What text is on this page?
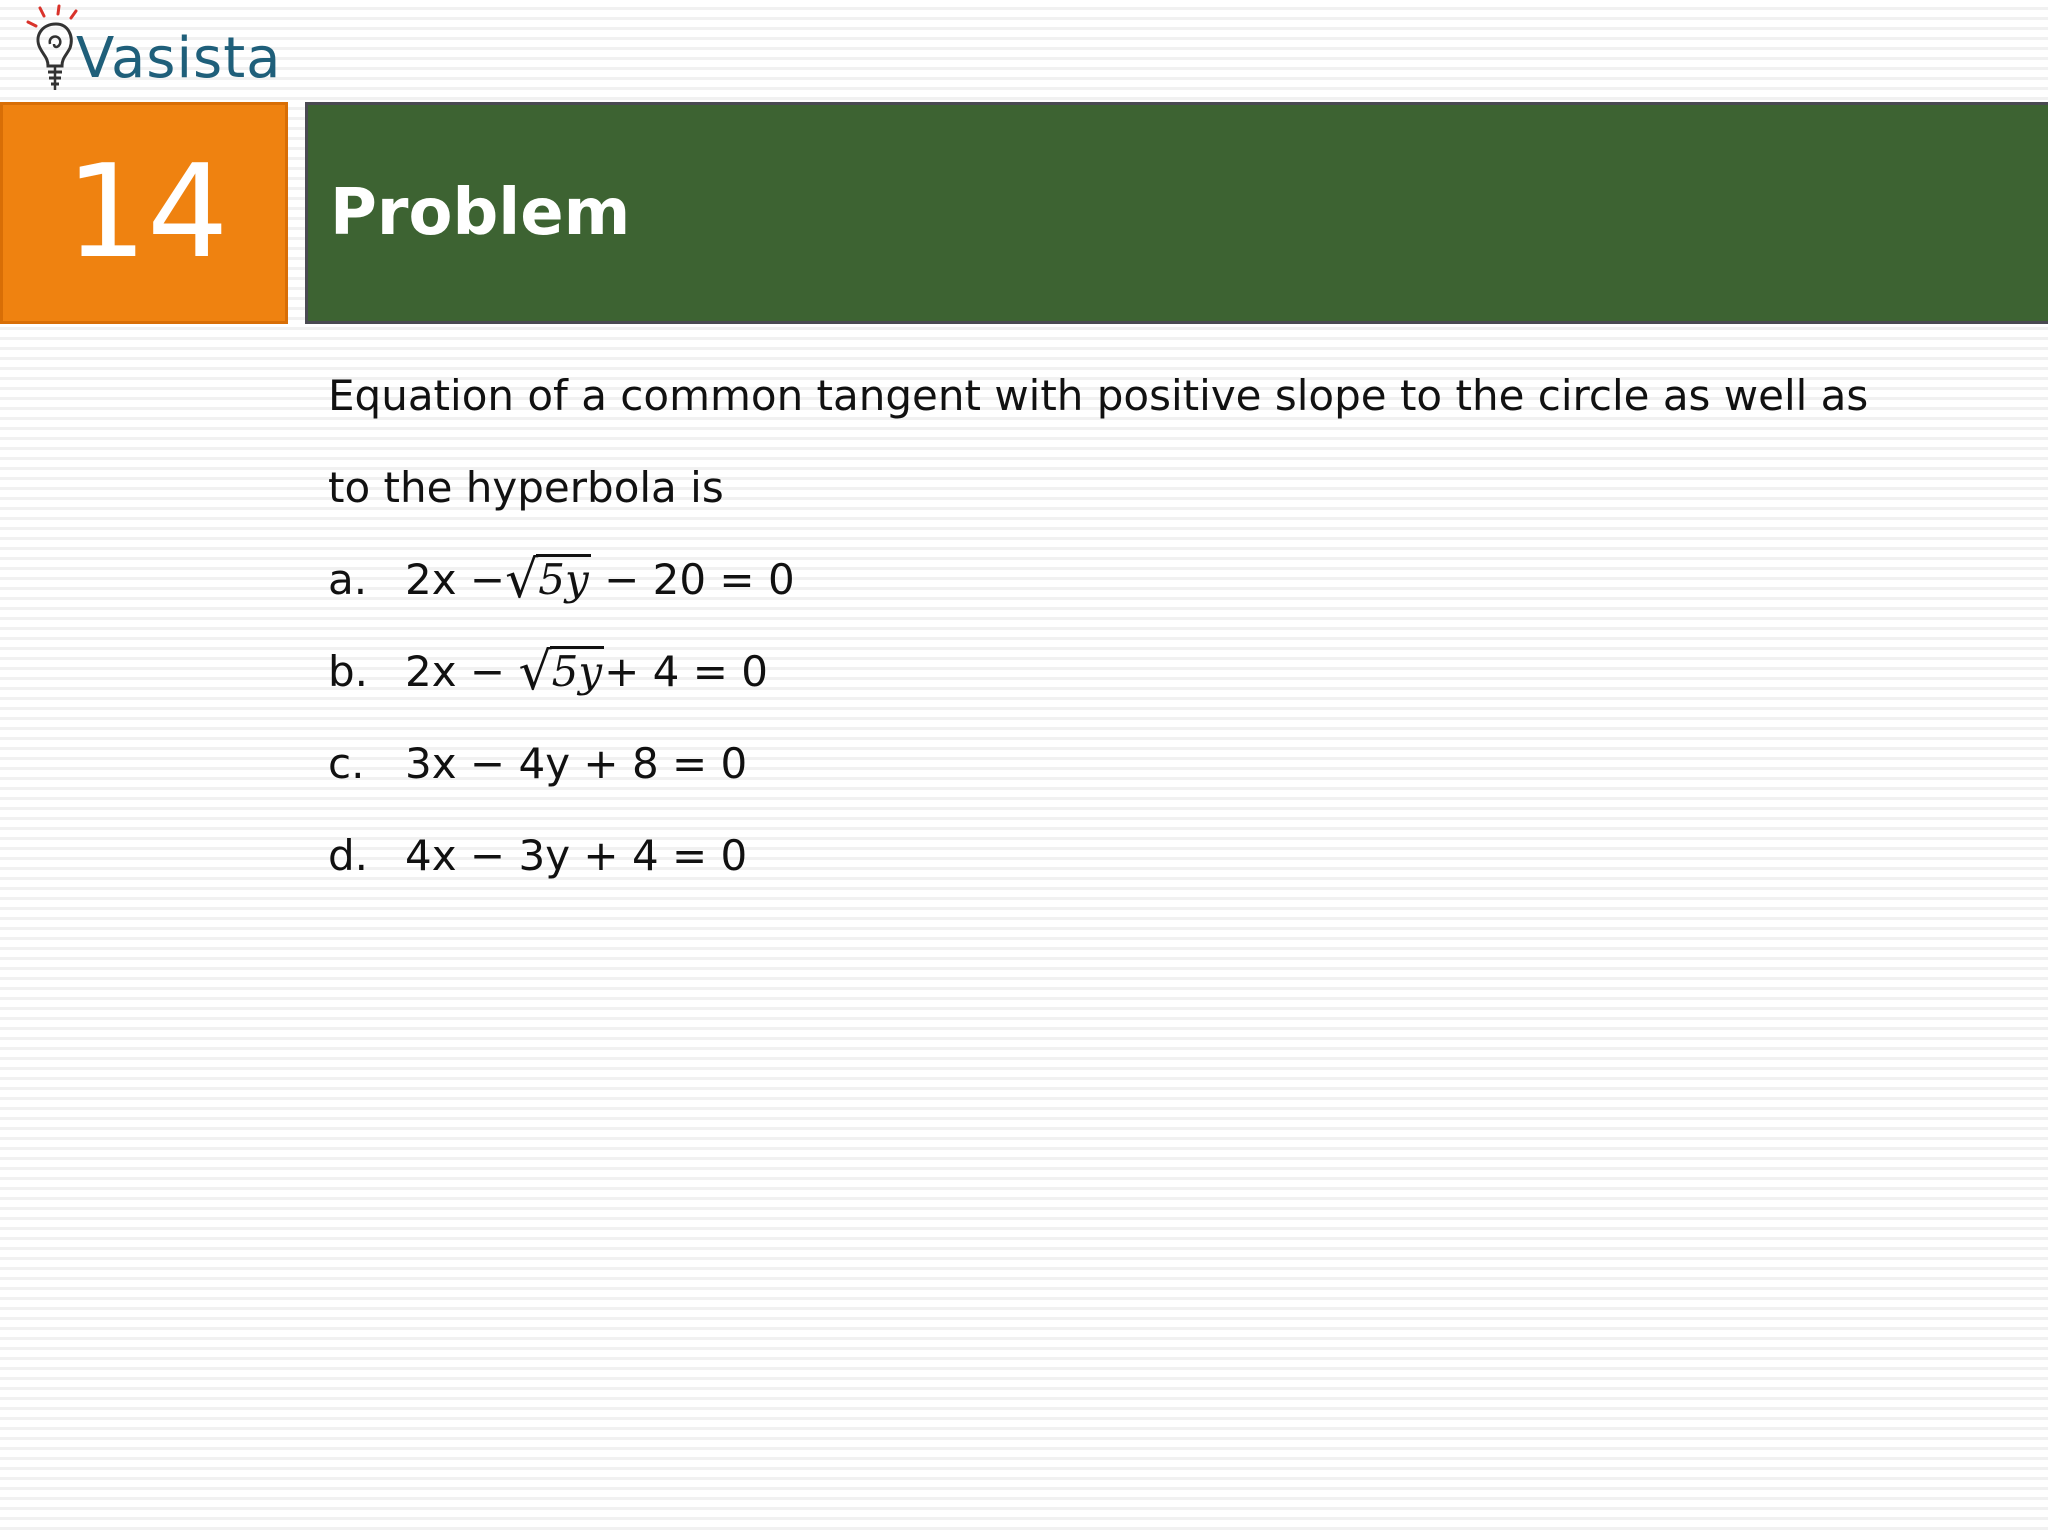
Vasista
14	Problem
Equation of a common tangent with positive slope to the circle as well as
to the hyperbola is
a. 2x −√5y − 20 = 0
b. 2x − √5y+ 4 = 0
c. 3x − 4y + 8 = 0
d. 4x − 3y + 4 = 0
